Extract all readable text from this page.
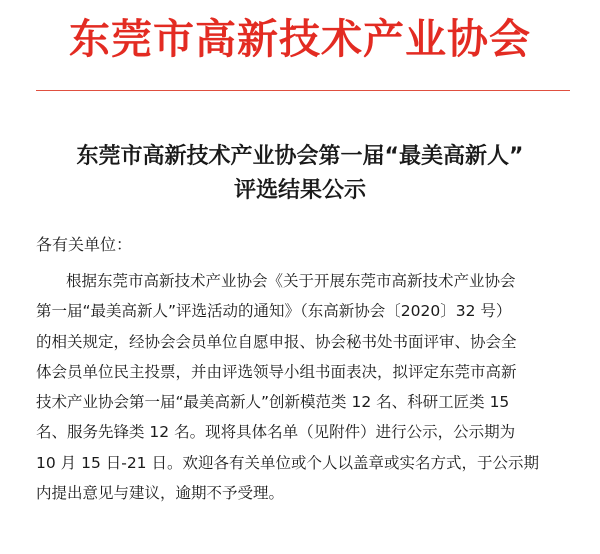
东莞市高新技术产业协会
东莞市高新技术产业协会第一届“最美高新人”
评选结果公示
各有关单位：
根据东莞市高新技术产业协会《关于开展东莞市高新技术产业协会
第一届“最美高新人”评选活动的通知》（东高新协会〔2020〕32 号）
的相关规定，经协会会员单位自愿申报、协会秘书处书面评审、协会全
体会员单位民主投票，并由评选领导小组书面表决，拟评定东莞市高新
技术产业协会第一届“最美高新人”创新模范类 12 名、科研工匠类 15
名、服务先锋类 12 名。现将具体名单（见附件）进行公示，公示期为
10 月 15 日-21 日。欢迎各有关单位或个人以盖章或实名方式，于公示期
内提出意见与建议，逾期不予受理。
